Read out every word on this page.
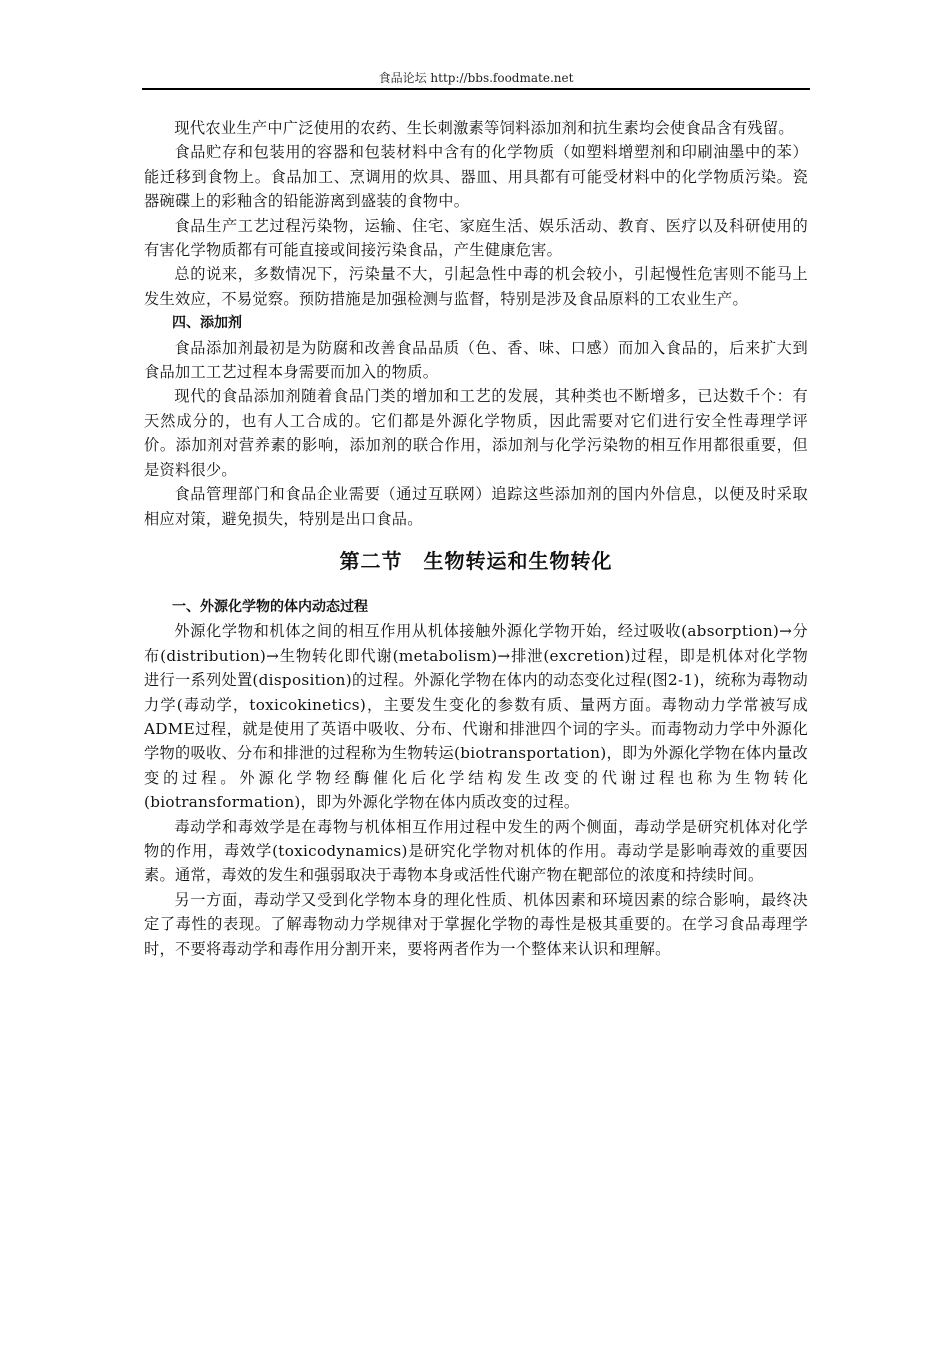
食品论坛 http://bbs.foodmate.net

现代农业生产中广泛使用的农药、生长刺激素等饲料添加剂和抗生素均会使食品含有残留。

食品贮存和包装用的容器和包装材料中含有的化学物质（如塑料增塑剂和印刷油墨中的苯）能迁移到食物上。食品加工、烹调用的炊具、器皿、用具都有可能受材料中的化学物质污染。瓷器碗碟上的彩釉含的铅能游离到盛装的食物中。

食品生产工艺过程污染物，运输、住宅、家庭生活、娱乐活动、教育、医疗以及科研使用的有害化学物质都有可能直接或间接污染食品，产生健康危害。

总的说来，多数情况下，污染量不大，引起急性中毒的机会较小，引起慢性危害则不能马上发生效应，不易觉察。预防措施是加强检测与监督，特别是涉及食品原料的工农业生产。

四、添加剂

食品添加剂最初是为防腐和改善食品品质（色、香、味、口感）而加入食品的，后来扩大到食品加工工艺过程本身需要而加入的物质。

现代的食品添加剂随着食品门类的增加和工艺的发展，其种类也不断增多，已达数千个：有天然成分的，也有人工合成的。它们都是外源化学物质，因此需要对它们进行安全性毒理学评价。添加剂对营养素的影响，添加剂的联合作用，添加剂与化学污染物的相互作用都很重要，但是资料很少。

食品管理部门和食品企业需要（通过互联网）追踪这些添加剂的国内外信息，以便及时采取相应对策，避免损失，特别是出口食品。

第二节　生物转运和生物转化

一、外源化学物的体内动态过程

外源化学物和机体之间的相互作用从机体接触外源化学物开始，经过吸收(absorption)→分布(distribution)→生物转化即代谢(metabolism)→排泄(excretion)过程，即是机体对化学物进行一系列处置(disposition)的过程。外源化学物在体内的动态变化过程(图2-1)，统称为毒物动力学(毒动学，toxicokinetics)，主要发生变化的参数有质、量两方面。毒物动力学常被写成ADME过程，就是使用了英语中吸收、分布、代谢和排泄四个词的字头。而毒物动力学中外源化学物的吸收、分布和排泄的过程称为生物转运(biotransportation)，即为外源化学物在体内量改变的过程。外源化学物经酶催化后化学结构发生改变的代谢过程也称为生物转化(biotransformation)，即为外源化学物在体内质改变的过程。

毒动学和毒效学是在毒物与机体相互作用过程中发生的两个侧面，毒动学是研究机体对化学物的作用，毒效学(toxicodynamics)是研究化学物对机体的作用。毒动学是影响毒效的重要因素。通常，毒效的发生和强弱取决于毒物本身或活性代谢产物在靶部位的浓度和持续时间。

另一方面，毒动学又受到化学物本身的理化性质、机体因素和环境因素的综合影响，最终决定了毒性的表现。了解毒物动力学规律对于掌握化学物的毒性是极其重要的。在学习食品毒理学时，不要将毒动学和毒作用分割开来，要将两者作为一个整体来认识和理解。
